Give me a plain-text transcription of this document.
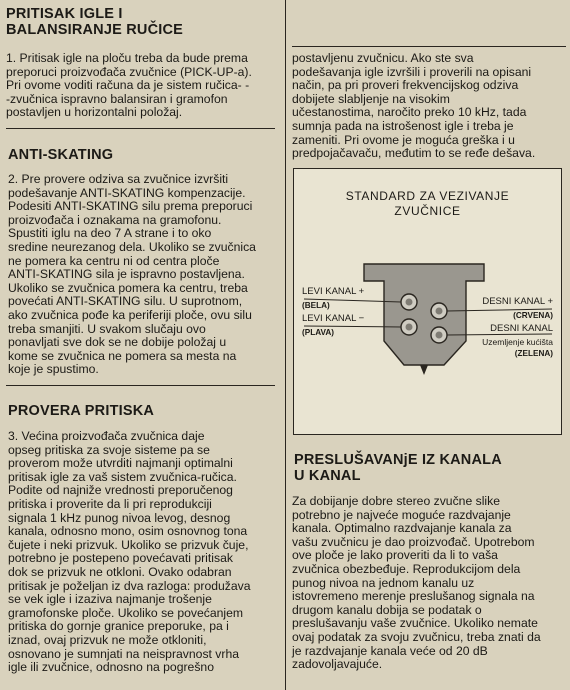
PRITISAK IGLE I
BALANSIRANJE RUČICE

1. Pritisak igle na ploču treba da bude prema
preporuci proizvođača zvučnice (PICK-UP-a).
Pri ovome voditi računa da je sistem ručica- -
-zvučnica ispravno balansiran i gramofon
postavljen u horizontalni položaj.

ANTI-SKATING

2. Pre provere odziva sa zvučnice izvršiti
podešavanje ANTI-SKATING kompenzacije.
Podesiti ANTI-SKATING silu prema preporuci
proizvođača i oznakama na gramofonu.
Spustiti iglu na deo 7 A strane i to oko
sredine neurezanog dela. Ukoliko se zvučnica
ne pomera ka centru ni od centra ploče
ANTI-SKATING sila je ispravno postavljena.
Ukoliko se zvučnica pomera ka centru, treba
povećati ANTI-SKATING silu. U suprotnom,
ako zvučnica pođe ka periferiji ploče, ovu silu
treba smanjiti. U svakom slučaju ovo
ponavljati sve dok se ne dobije položaj u
kome se zvučnica ne pomera sa mesta na
koje je spustimo.

PROVERA PRITISKA

3. Većina proizvođača zvučnica daje
opseg pritiska za svoje sisteme pa se
proverom može utvrditi najmanji optimalni
pritisak igle za vaš sistem zvučnica-ručica.
Podite od najniže vrednosti preporučenog
pritiska i proverite da li pri reprodukciji
signala 1 kHz punog nivoa levog, desnog
kanala, odnosno mono, osim osnovnog tona
čujete i neki prizvuk. Ukoliko se prizvuk čuje,
potrebno je postepeno povećavati pritisak
dok se prizvuk ne otkloni. Ovako odabran
pritisak je poželjan iz dva razloga: produžava
se vek igle i izaziva najmanje trošenje
gramofonske ploče. Ukoliko se povećanjem
pritiska do gornje granice preporuke, pa i
iznad, ovaj prizvuk ne može otkloniti,
osnovano je sumnjati na neispravnost vrha
igle ili zvučnice, odnosno na pogrešno

postavljenu zvučnicu. Ako ste sva
podešavanja igle izvršili i proverili na opisani
način, pa pri proveri frekvencijskog odziva
dobijete slabljenje na visokim
učestanostima, naročito preko 10 kHz, tada
sumnja pada na istrošenost igle i treba je
zameniti. Pri ovome je moguća greška i u
predpojačavaču, međutim to se ređe dešava.

PRESLUŠAVANjE IZ KANALA
U KANAL

Za dobijanje dobre stereo zvučne slike
potrebno je najveće moguće razdvajanje
kanala. Optimalno razdvajanje kanala za
vašu zvučnicu je dao proizvođač. Upotrebom
ove ploče je lako proveriti da li to vaša
zvučnica obezbeđuje. Reprodukcijom dela
punog nivoa na jednom kanalu uz
istovremeno merenje preslušanog signala na
drugom kanalu dobija se podatak o
preslušavanju vaše zvučnice. Ukoliko nemate
ovaj podatak za svoju zvučnicu, treba znati da
je razdvajanje kanala veće od 20 dB
zadovoljavajuće.

STANDARD ZA VEZIVANJE
ZVUČNICE
LEVI KANAL +
(BELA)
LEVI KANAL −
(PLAVA)
DESNI KANAL +
(CRVENA)
DESNI KANAL
Uzemljenje kućišta
(ZELENA)
